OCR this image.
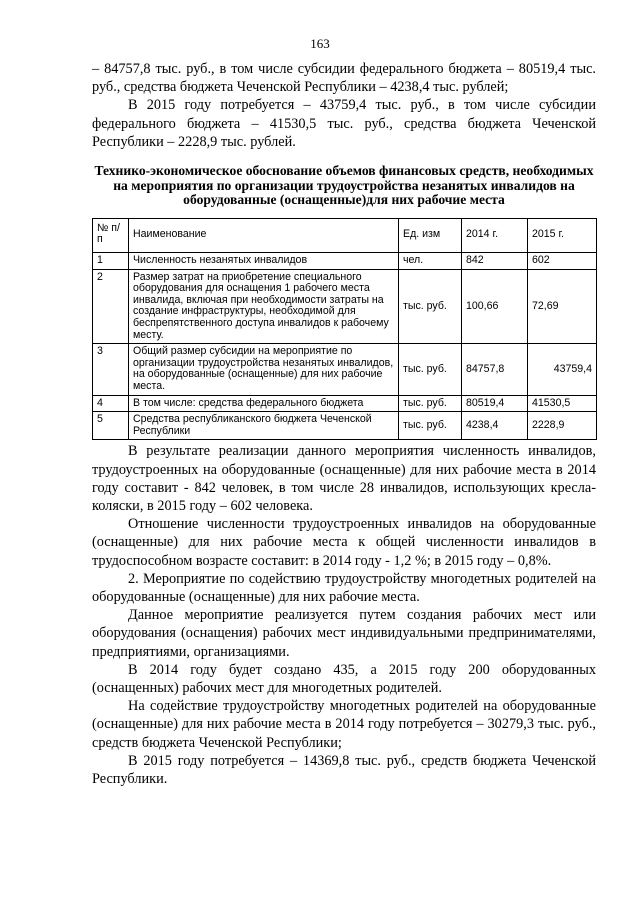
163

– 84757,8 тыс. руб., в том числе субсидии федерального бюджета – 80519,4 тыс. руб., средства бюджета Чеченской Республики – 4238,4 тыс. рублей;

В 2015 году потребуется – 43759,4 тыс. руб., в том числе субсидии федерального бюджета – 41530,5 тыс. руб., средства бюджета Чеченской Республики – 2228,9 тыс. рублей.

Технико-экономическое обоснование объемов финансовых средств, необходимых на мероприятия по организации трудоустройства незанятых инвалидов на оборудованные (оснащенные)для них рабочие места
№ п/п	Наименование	Ед. изм	2014 г.	2015 г.
1	Численность незанятых инвалидов	чел.	842	602
2	Размер затрат на приобретение специального оборудования для оснащения 1 рабочего места инвалида, включая при необходимости затраты на создание инфраструктуры, необходимой для беспрепятственного доступа инвалидов к рабочему месту.	тыс. руб.	100,66	72,69
3	Общий размер субсидии на мероприятие по организации трудоустройства незанятых инвалидов, на оборудованные (оснащенные) для них рабочие места.	тыс. руб.	84757,8	43759,4
4	В том числе: средства федерального бюджета	тыс. руб.	80519,4	41530,5
5	Средства республиканского бюджета Чеченской Республики	тыс. руб.	4238,4	2228,9

В результате реализации данного мероприятия численность инвалидов, трудоустроенных на оборудованные (оснащенные) для них рабочие места в 2014 году составит - 842 человек, в том числе 28 инвалидов, использующих кресла-коляски, в 2015 году – 602 человека.

Отношение численности трудоустроенных инвалидов на оборудованные (оснащенные) для них рабочие места к общей численности инвалидов в трудоспособном возрасте составит: в 2014 году - 1,2 %; в 2015 году – 0,8%.

2. Мероприятие по содействию трудоустройству многодетных родителей на оборудованные (оснащенные) для них рабочие места.

Данное мероприятие реализуется путем создания рабочих мест или оборудования (оснащения) рабочих мест индивидуальными предпринимателями, предприятиями, организациями.

В 2014 году будет создано 435, а 2015 году 200 оборудованных (оснащенных) рабочих мест для многодетных родителей.

На содействие трудоустройству многодетных родителей на оборудованные (оснащенные) для них рабочие места в 2014 году потребуется – 30279,3 тыс. руб., средств бюджета Чеченской Республики;

В 2015 году потребуется – 14369,8 тыс. руб., средств бюджета Чеченской Республики.
